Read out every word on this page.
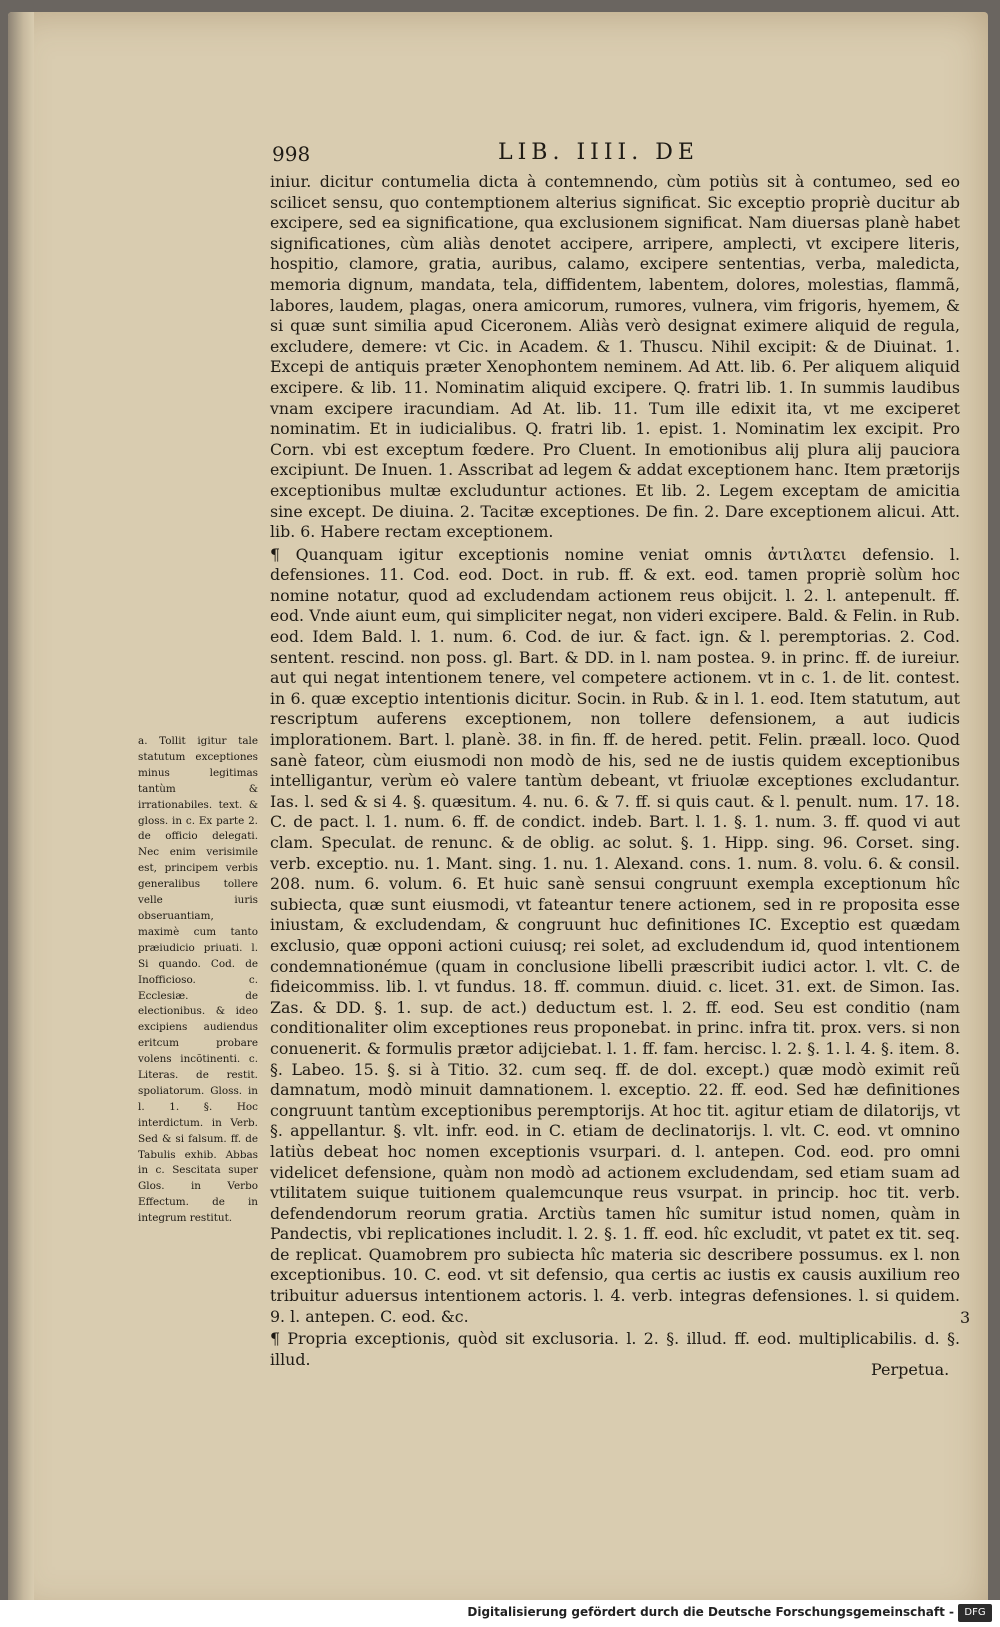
998	LIB. IIII. DE

iniur. dicitur contumelia dicta à contemnendo, cùm potiùs sit à contumeo, sed eo scilicet sensu, quo contemptionem alterius significat. Sic exceptio propriè ducitur ab excipere, sed ea significatione, qua exclusionem significat. Nam diuersas planè habet significationes, cùm aliàs denotet accipere, arripere, amplecti, vt excipere literis, hospitio, clamore, gratia, auribus, calamo, excipere sententias, verba, maledicta, memoria dignum, mandata, tela, diffidentem, labentem, dolores, molestias, flammã, labores, laudem, plagas, onera amicorum, rumores, vulnera, vim frigoris, hyemem, & si quæ sunt similia apud Ciceronem. Aliàs verò designat eximere aliquid de regula, excludere, demere: vt Cic. in Academ. & 1. Thuscu. Nihil excipit: & de Diuinat. 1. Excepi de antiquis præter Xenophontem neminem. Ad Att. lib. 6. Per aliquem aliquid excipere. & lib. 11. Nominatim aliquid excipere. Q. fratri lib. 1. In summis laudibus vnam excipere iracundiam. Ad At. lib. 11. Tum ille edixit ita, vt me exciperet nominatim. Et in iudicialibus. Q. fratri lib. 1. epist. 1. Nominatim lex excipit. Pro Corn. vbi est exceptum fœdere. Pro Cluent. In emotionibus alij plura alij pauciora excipiunt. De Inuen. 1. Asscribat ad legem & addat exceptionem hanc. Item prætorijs exceptionibus multæ excluduntur actiones. Et lib. 2. Legem exceptam de amicitia sine except. De diuina. 2. Tacitæ exceptiones. De fin. 2. Dare exceptionem alicui. Att. lib. 6. Habere rectam exceptionem.

¶ Quanquam igitur exceptionis nomine veniat omnis ἀντιλατει defensio. l. defensiones. 11. Cod. eod. Doct. in rub. ff. & ext. eod. tamen propriè solùm hoc nomine notatur, quod ad excludendam actionem reus obijcit. l. 2. l. antepenult. ff. eod. Vnde aiunt eum, qui simpliciter negat, non videri excipere. Bald. & Felin. in Rub. eod. Idem Bald. l. 1. num. 6. Cod. de iur. & fact. ign. & l. peremptorias. 2. Cod. sentent. rescind. non poss. gl. Bart. & DD. in l. nam postea. 9. in princ. ff. de iureiur. aut qui negat intentionem tenere, vel competere actionem. vt in c. 1. de lit. contest. in 6. quæ exceptio intentionis dicitur. Socin. in Rub. & in l. 1. eod. Item statutum, aut rescriptum auferens exceptionem, non tollere defensionem, a aut iudicis implorationem. Bart. l. planè. 38. in fin. ff. de hered. petit. Felin. præall. loco. Quod sanè fateor, cùm eiusmodi non modò de his, sed ne de iustis quidem exceptionibus intelligantur, verùm eò valere tantùm debeant, vt friuolæ exceptiones excludantur. Ias. l. sed & si 4. §. quæsitum. 4. nu. 6. & 7. ff. si quis caut. & l. penult. num. 17. 18. C. de pact. l. 1. num. 6. ff. de condict. indeb. Bart. l. 1. §. 1. num. 3. ff. quod vi aut clam. Speculat. de renunc. & de oblig. ac solut. §. 1. Hipp. sing. 96. Corset. sing. verb. exceptio. nu. 1. Mant. sing. 1. nu. 1. Alexand. cons. 1. num. 8. volu. 6. & consil. 208. num. 6. volum. 6. Et huic sanè sensui congruunt exempla exceptionum hîc subiecta, quæ sunt eiusmodi, vt fateantur tenere actionem, sed in re proposita esse iniustam, & excludendam, & congruunt huc definitiones IC. Exceptio est quædam exclusio, quæ opponi actioni cuiusq; rei solet, ad excludendum id, quod intentionem condemnationémue (quam in conclusione libelli præscribit iudici actor. l. vlt. C. de fideicommiss. lib. l. vt fundus. 18. ff. commun. diuid. c. licet. 31. ext. de Simon. Ias. Zas. & DD. §. 1. sup. de act.) deductum est. l. 2. ff. eod. Seu est conditio (nam conditionaliter olim exceptiones reus proponebat. in princ. infra tit. prox. vers. si non conuenerit. & formulis prætor adijciebat. l. 1. ff. fam. hercisc. l. 2. §. 1. l. 4. §. item. 8. §. Labeo. 15. §. si à Titio. 32. cum seq. ff. de dol. except.) quæ modò eximit reũ damnatum, modò minuit damnationem. l. exceptio. 22. ff. eod. Sed hæ definitiones congruunt tantùm exceptionibus peremptorijs. At hoc tit. agitur etiam de dilatorijs, vt §. appellantur. §. vlt. infr. eod. in C. etiam de declinatorijs. l. vlt. C. eod. vt omnino latiùs debeat hoc nomen exceptionis vsurpari. d. l. antepen. Cod. eod. pro omni videlicet defensione, quàm non modò ad actionem excludendam, sed etiam suam ad vtilitatem suique tuitionem qualemcunque reus vsurpat. in princip. hoc tit. verb. defendendorum reorum gratia. Arctiùs tamen hîc sumitur istud nomen, quàm in Pandectis, vbi replicationes includit. l. 2. §. 1. ff. eod. hîc excludit, vt patet ex tit. seq. de replicat. Quamobrem pro subiecta hîc materia sic describere possumus. ex l. non exceptionibus. 10. C. eod. vt sit defensio, qua certis ac iustis ex causis auxilium reo tribuitur aduersus intentionem actoris. l. 4. verb. integras defensiones. l. si quidem. 9. l. antepen. C. eod. &c.

¶ Propria exceptionis, quòd sit exclusoria. l. 2. §. illud. ff. eod. multiplicabilis. d. §. illud.

a. Tollit igitur tale statutum exceptiones minus legitimas tantùm & irrationabiles. text. & gloss. in c. Ex parte 2. de officio delegati. Nec enim verisimile est, principem verbis generalibus tollere velle iuris obseruantiam, maximè cum tanto præiudicio priuati. l. Si quando. Cod. de Inofficioso. c. Ecclesiæ. de electionibus. & ideo excipiens audiendus eritcum probare volens incõtinenti. c. Literas. de restit. spoliatorum. Gloss. in l. 1. §. Hoc interdictum. in Verb. Sed & si falsum. ff. de Tabulis exhib. Abbas in c. Sescitata super Glos. in Verbo Effectum. de in integrum restitut.
3
Perpetua.
Digitalisierung gefördert durch die Deutsche Forschungsgemeinschaft -	DFG
